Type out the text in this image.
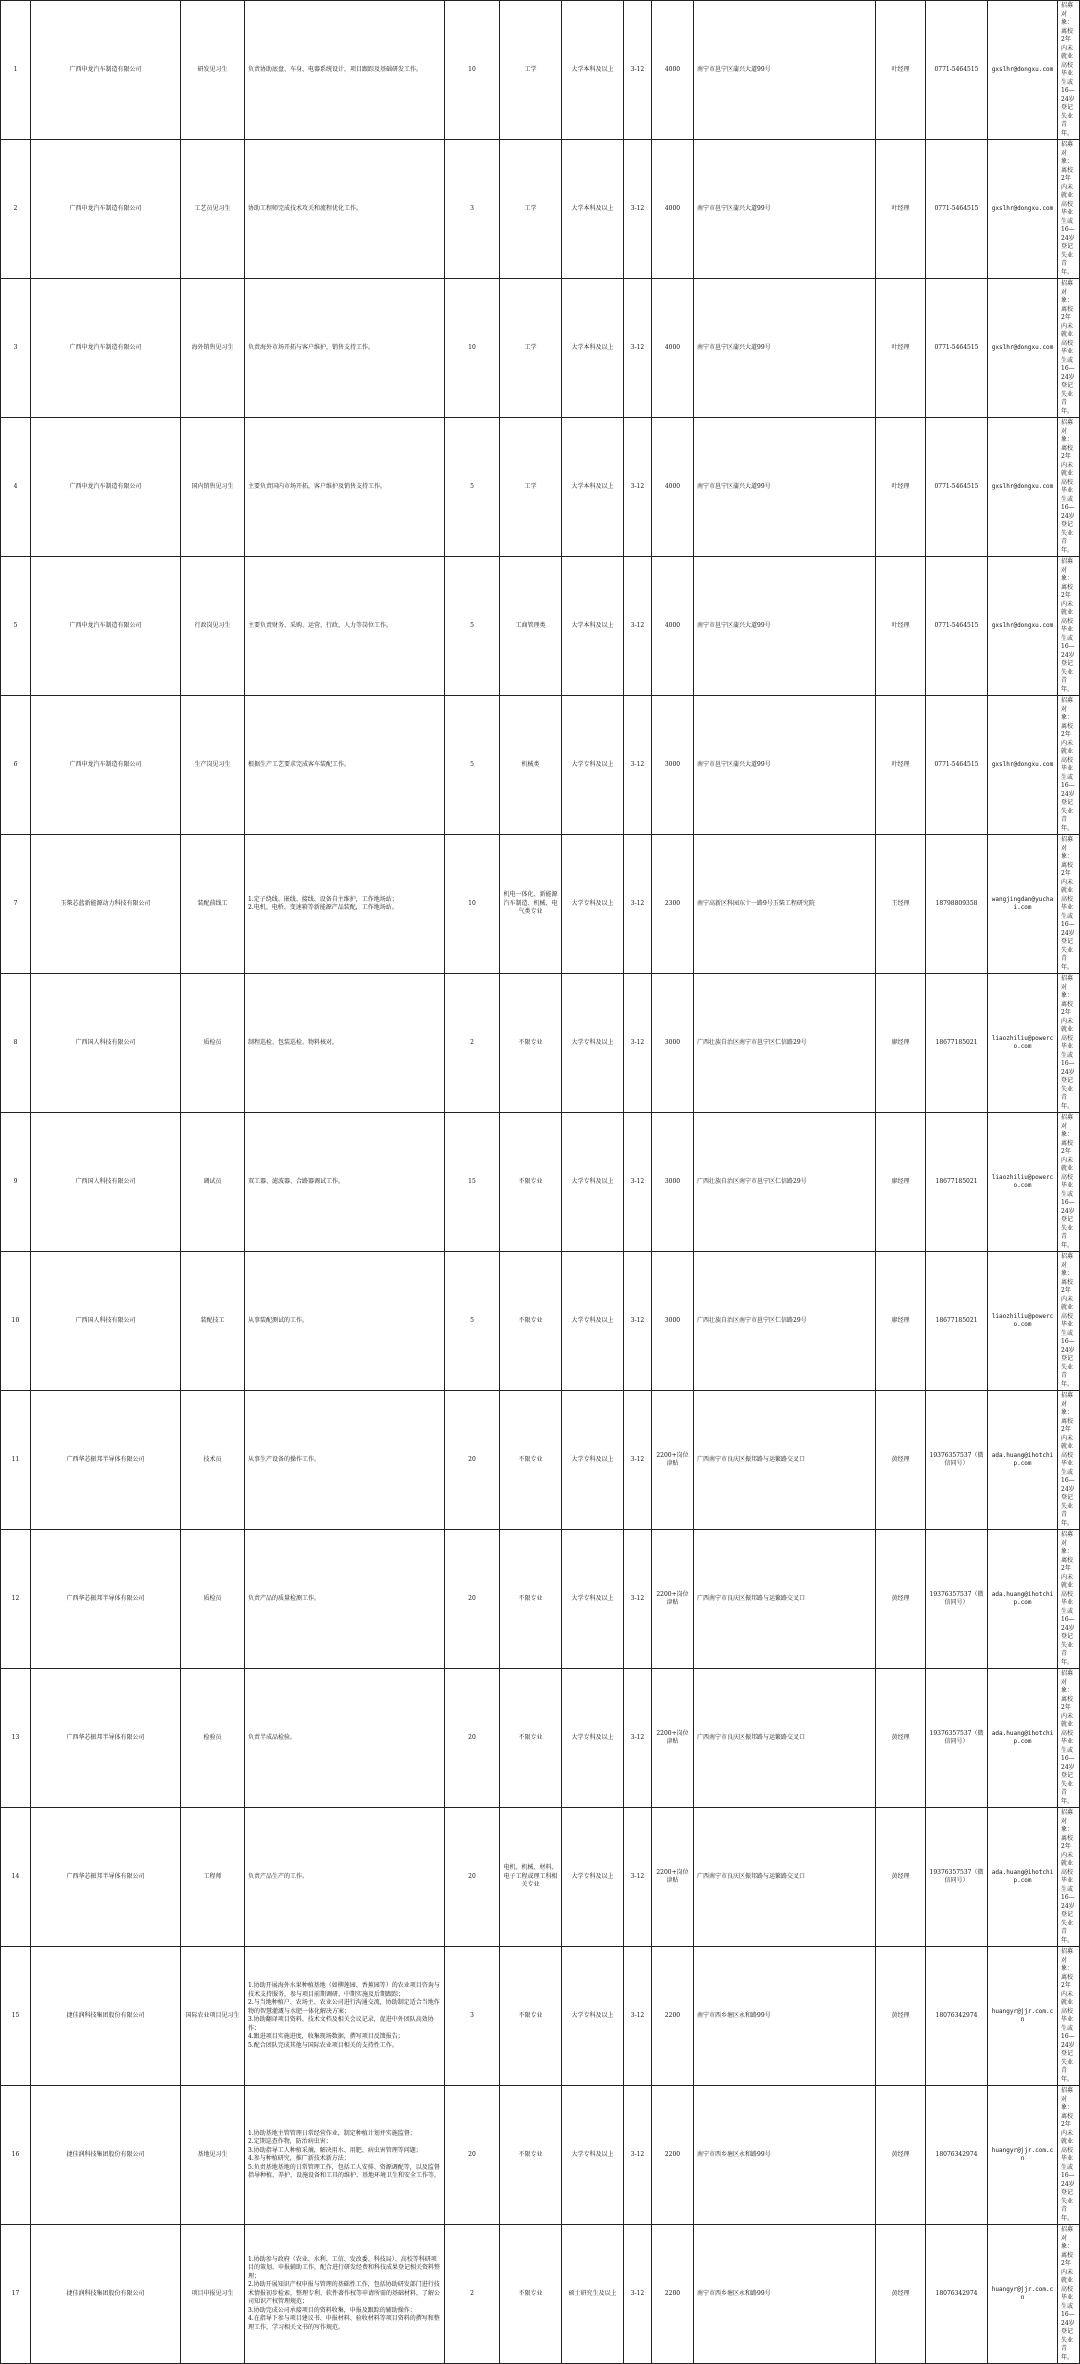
1	广西申龙汽车制造有限公司	研发见习生	负责协助底盘、车身、电器系统设计，项目跟踪及基础研发工作。	10	工学	大学本科及以上	3-12	4000	南宁市邕宁区蒲兴大道99号	叶经理	0771-5464515	gxslhr@dongxu.com	招募对象：离校2年内未就业高校毕业生或16—24岁登记失业青年。
2	广西申龙汽车制造有限公司	工艺员见习生	协助工程师完成技术攻关和流程优化工作。	3	工学	大学本科及以上	3-12	4000	南宁市邕宁区蒲兴大道99号	叶经理	0771-5464515	gxslhr@dongxu.com	招募对象：离校2年内未就业高校毕业生或16—24岁登记失业青年。
3	广西申龙汽车制造有限公司	海外销售见习生	负责海外市场开拓与客户维护，销售支持工作。	10	工学	大学本科及以上	3-12	4000	南宁市邕宁区蒲兴大道99号	叶经理	0771-5464515	gxslhr@dongxu.com	招募对象：离校2年内未就业高校毕业生或16—24岁登记失业青年。
4	广西申龙汽车制造有限公司	国内销售见习生	主要负责国内市场开拓，客户维护及销售支持工作。	5	工学	大学本科及以上	3-12	4000	南宁市邕宁区蒲兴大道99号	叶经理	0771-5464515	gxslhr@dongxu.com	招募对象：离校2年内未就业高校毕业生或16—24岁登记失业青年。
5	广西申龙汽车制造有限公司	行政岗见习生	主要负责财务、采购、运营、行政、人力等岗位工作。	5	工商管理类	大学本科及以上	3-12	4000	南宁市邕宁区蒲兴大道99号	叶经理	0771-5464515	gxslhr@dongxu.com	招募对象：离校2年内未就业高校毕业生或16—24岁登记失业青年。
6	广西申龙汽车制造有限公司	生产岗见习生	根据生产工艺要求完成客车装配工作。	5	机械类	大学专科及以上	3-12	3000	南宁市邕宁区蒲兴大道99号	叶经理	0771-5464515	gxslhr@dongxu.com	招募对象：离校2年内未就业高校毕业生或16—24岁登记失业青年。
7	玉柴芯蓝新能源动力科技有限公司	装配前线工	1.定子绕线、嵌线、接线、设备自主维护，工作地场站；
2.电机、电桥、变速箱等新能源产品装配，工作地场站。	10	机电一体化、新能源汽车制造、机械、电气类专业	大学专科及以上	3-12	2300	南宁高新区科园东十一路9号玉柴工程研究院	王经理	18798809358	wangjingdan@yuchai.com	招募对象：离校2年内未就业高校毕业生或16—24岁登记失业青年。
8	广西国人科技有限公司	质检员	制程巡检、包装巡检、物料核对。	2	不限专业	大学专科及以上	3-12	3000	广西壮族自治区南宁市邕宁区仁信路29号	廖经理	18677185021	liaozhiliu@powerco.com	招募对象：离校2年内未就业高校毕业生或16—24岁登记失业青年。
9	广西国人科技有限公司	调试员	双工器、滤波器、合路器调试工作。	15	不限专业	大学专科及以上	3-12	3000	广西壮族自治区南宁市邕宁区仁信路29号	廖经理	18677185021	liaozhiliu@powerco.com	招募对象：离校2年内未就业高校毕业生或16—24岁登记失业青年。
10	广西国人科技有限公司	装配技工	从事装配测试的工作。	5	不限专业	大学专科及以上	3-12	3000	广西壮族自治区南宁市邕宁区仁信路29号	廖经理	18677185021	liaozhiliu@powerco.com	招募对象：离校2年内未就业高校毕业生或16—24岁登记失业青年。
11	广西华芯振邦半导体有限公司	技术员	从事生产设备的操作工作。	20	不限专业	大学专科及以上	3-12	2200+岗位津贴	广西南宁市良庆区振邦路与运繁路交叉口	黄经理	19376357537（微信同号）	ada.huang@ihotchip.com	招募对象：离校2年内未就业高校毕业生或16—24岁登记失业青年。
12	广西华芯振邦半导体有限公司	质检员	负责产品的质量检测工作。	20	不限专业	大学专科及以上	3-12	2200+岗位津贴	广西南宁市良庆区振邦路与运繁路交叉口	黄经理	19376357537（微信同号）	ada.huang@ihotchip.com	招募对象：离校2年内未就业高校毕业生或16—24岁登记失业青年。
13	广西华芯振邦半导体有限公司	检验员	负责半成品检验。	20	不限专业	大学专科及以上	3-12	2200+岗位津贴	广西南宁市良庆区振邦路与运繁路交叉口	黄经理	19376357537（微信同号）	ada.huang@ihotchip.com	招募对象：离校2年内未就业高校毕业生或16—24岁登记失业青年。
14	广西华芯振邦半导体有限公司	工程师	负责产品生产的工作。	20	电机、机械、材料、电子工程或理工科相关专业	大学专科及以上	3-12	2200+岗位津贴	广西南宁市良庆区振邦路与运繁路交叉口	黄经理	19376357537（微信同号）	ada.huang@ihotchip.com	招募对象：离校2年内未就业高校毕业生或16—24岁登记失业青年。
15	捷佳润科技集团股份有限公司	国际农业项目见习生	1.协助开展海外水果种植基地（如柳莲园、香蕉园等）的农业项目咨询与技术支持服务，参与项目前期调研、中期实施及后期跟踪；
2.与当地种植户、农场主、农业公司进行沟通交流，协助制定适合当地作物的智慧灌溉与水肥一体化解决方案；
3.协助翻译项目资料、技术文档及相关会议记录，促进中外团队高效协作；
4.跟进项目实施进度，收集现场数据，撰写项目反馈报告；
5.配合团队完成其他与国际农业项目相关的支持性工作。	3	不限专业	大学专科及以上	3-12	2200	南宁市西乡塘区永和路99号	黄经理	18076342974	huangyr@jjr.com.cn	招募对象：离校2年内未就业高校毕业生或16—24岁登记失业青年。
16	捷佳润科技集团股份有限公司	基地见习生	1.协助基地主管管理日常经营作业，制定种植计划并实施监督；
2.定期巡查作物，防治病虫害；
3.协助指导工人种植采摘，解决用水、用肥、病虫害管理等问题；
4.参与种植研究，推广新技术新方法；
5.负责基地基地的日常管理工作，包括工人安排、资源调配等，以及监督指导种植、养护、设施设备和工具的维护、基地环境卫生和安全工作等。	20	不限专业	大学专科及以上	3-12	2200	南宁市西乡塘区永和路99号	黄经理	18076342974	huangyr@jjr.com.cn	招募对象：离校2年内未就业高校毕业生或16—24岁登记失业青年。
17	捷佳润科技集团股份有限公司	项目申报见习生	1.协助参与政府（农业、水利、工信、发改委、科技局）、高校等科研项目的策划、申报辅助工作，配合进行研发经费和科技成果登记相关资料整理；
2.协助开展知识产权申报与管理的基础性工作，包括协助研发部门进行技术情报初步检索，整理专利、软件著作权等申请所需的基础材料，了解公司知识产权管理规范；
3.协助完成公司承接项目的资料收集，申报及跟踪的辅助操作；
4.在指导下参与项目建议书、申报材料、验收材料等项目资料的撰写和整理工作，学习相关文书的写作规范。	2	不限专业	硕士研究生及以上	3-12	2200	南宁市西乡塘区永和路99号	黄经理	18076342974	huangyr@jjr.com.cn	招募对象：离校2年内未就业高校毕业生或16—24岁登记失业青年。
